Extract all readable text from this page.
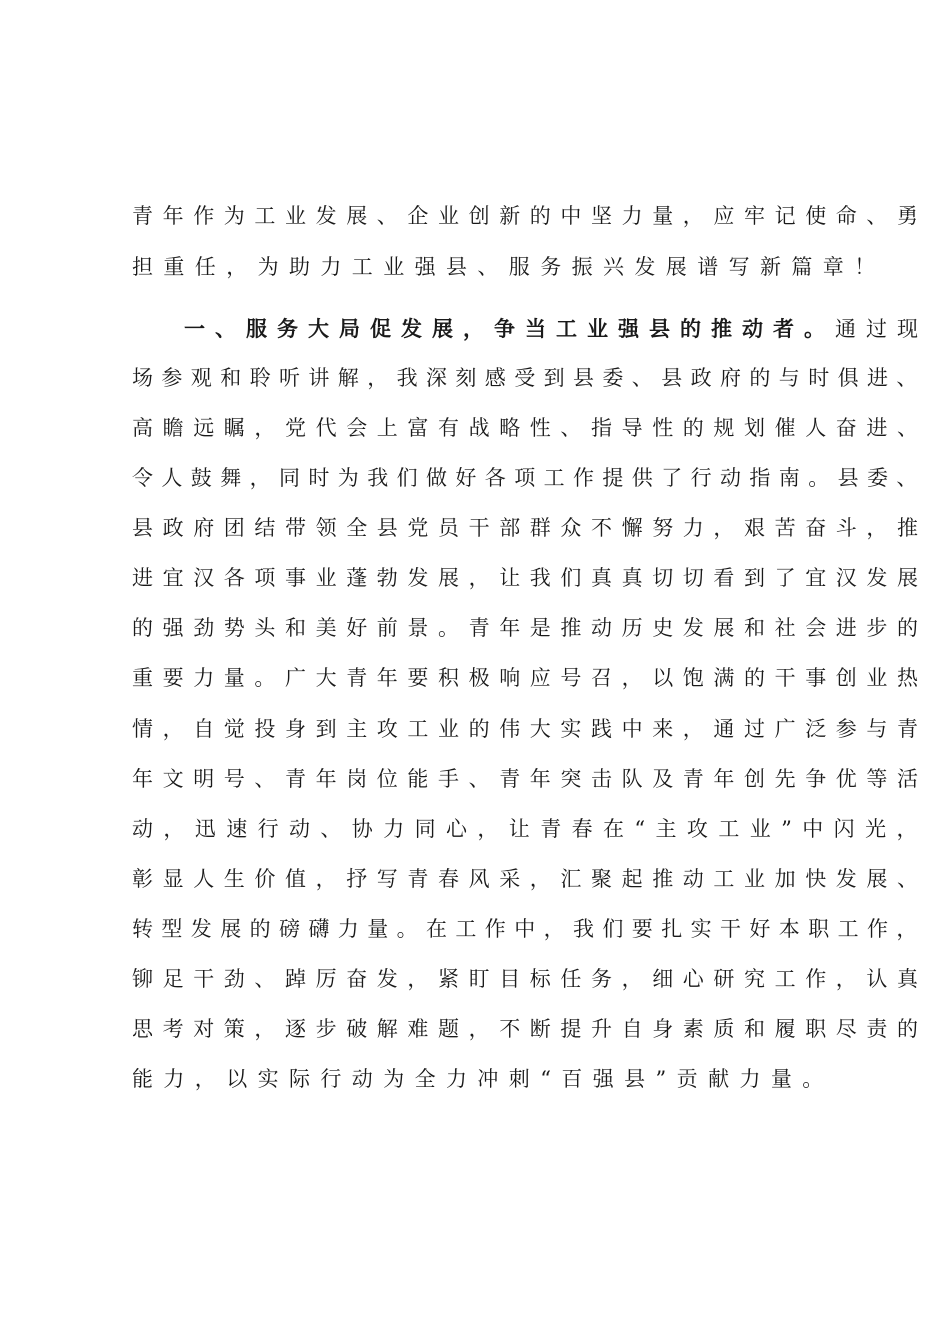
青年作为工业发展、企业创新的中坚力量，应牢记使命、勇
担重任，为助力工业强县、服务振兴发展谱写新篇章！
一、服务大局促发展，争当工业强县的推动者。通过现
场参观和聆听讲解，我深刻感受到县委、县政府的与时俱进、
高瞻远瞩，党代会上富有战略性、指导性的规划催人奋进、
令人鼓舞，同时为我们做好各项工作提供了行动指南。县委、
县政府团结带领全县党员干部群众不懈努力，艰苦奋斗，推
进宜汉各项事业蓬勃发展，让我们真真切切看到了宜汉发展
的强劲势头和美好前景。青年是推动历史发展和社会进步的
重要力量。广大青年要积极响应号召，以饱满的干事创业热
情，自觉投身到主攻工业的伟大实践中来，通过广泛参与青
年文明号、青年岗位能手、青年突击队及青年创先争优等活
动，迅速行动、协力同心，让青春在“主攻工业”中闪光，
彰显人生价值，抒写青春风采，汇聚起推动工业加快发展、
转型发展的磅礴力量。在工作中，我们要扎实干好本职工作，
铆足干劲、踔厉奋发，紧盯目标任务，细心研究工作，认真
思考对策，逐步破解难题，不断提升自身素质和履职尽责的
能力，以实际行动为全力冲刺“百强县”贡献力量。
